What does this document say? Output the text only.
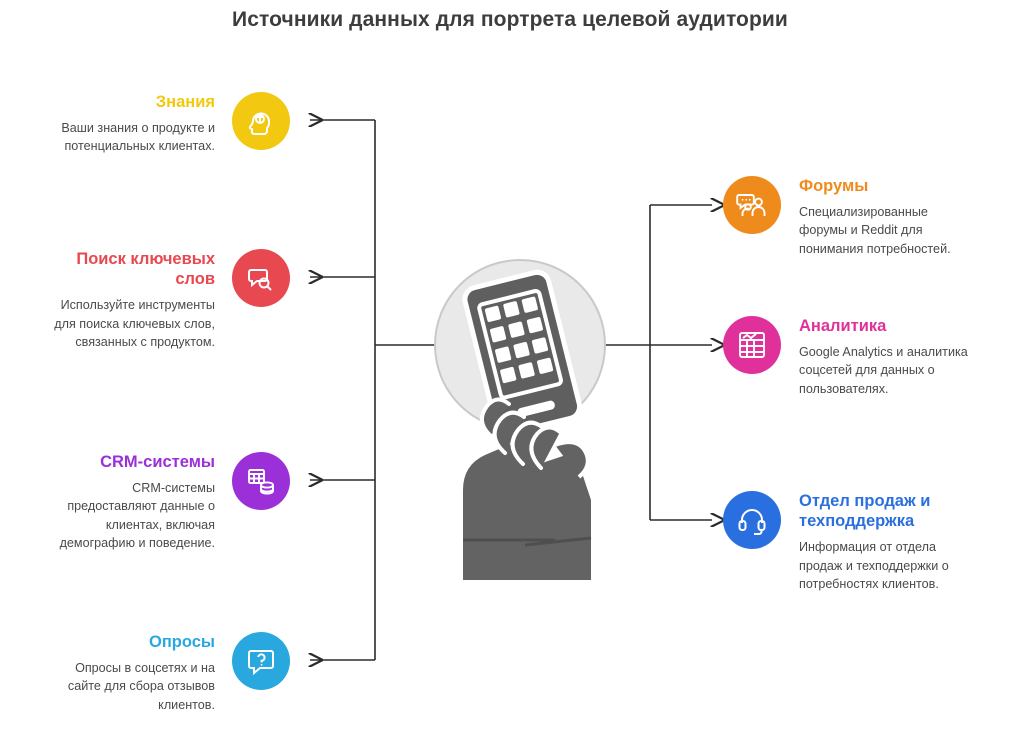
Источники данных для портрета целевой аудитории
Знания
Ваши знания о продукте и потенциальных клиентах.
Поиск ключевых слов
Используйте инструменты для поиска ключевых слов, связанных с продуктом.
CRM-системы
CRM-системы предоставляют данные о клиентах, включая демографию и поведение.
Опросы
Опросы в соцсетях и на сайте для сбора отзывов клиентов.
Форумы
Специализированные форумы и Reddit для понимания потребностей.
Аналитика
Google Analytics и аналитика соцсетей для данных о пользователях.
Отдел продаж и техподдержка
Информация от отдела продаж и техподдержки о потребностях клиентов.
